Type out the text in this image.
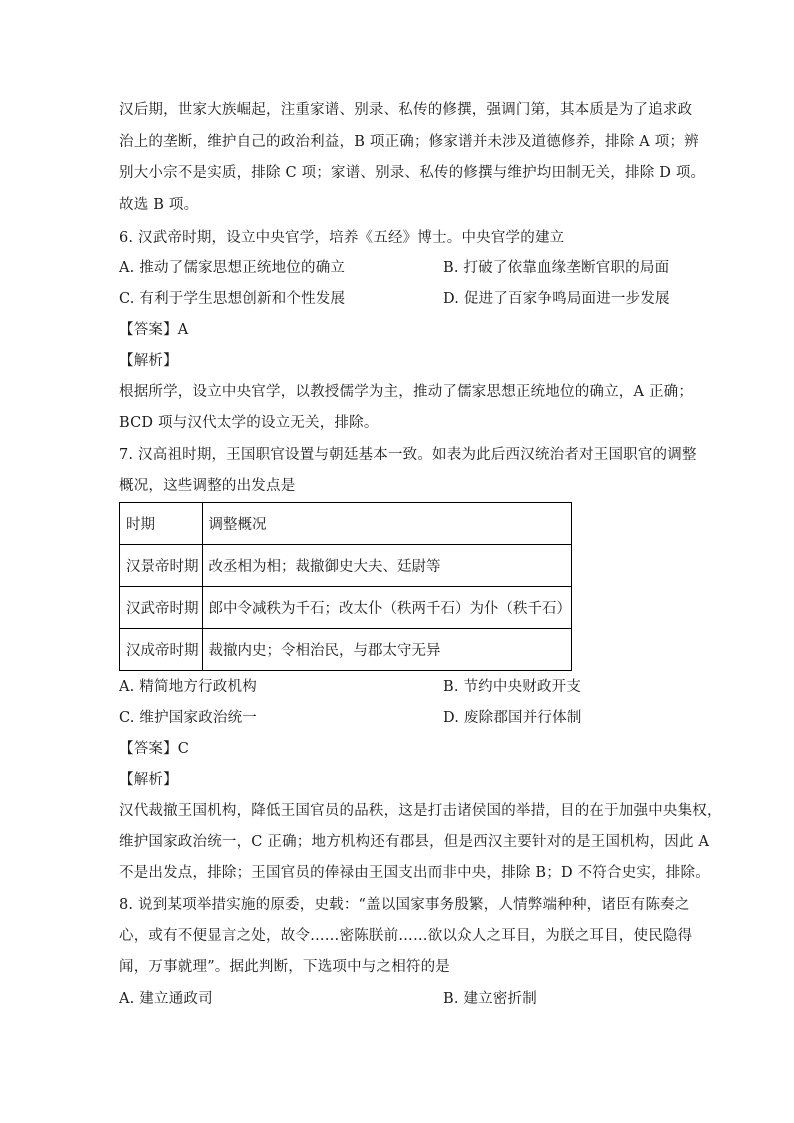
汉后期，世家大族崛起，注重家谱、别录、私传的修撰，强调门第，其本质是为了追求政
治上的垄断，维护自己的政治利益，B 项正确；修家谱并未涉及道德修养，排除 A 项；辨
别大小宗不是实质，排除 C 项；家谱、别录、私传的修撰与维护均田制无关，排除 D 项。
故选 B 项。
6. 汉武帝时期，设立中央官学，培养《五经》博士。中央官学的建立
A. 推动了儒家思想正统地位的确立	B. 打破了依靠血缘垄断官职的局面
C. 有利于学生思想创新和个性发展	D. 促进了百家争鸣局面进一步发展
【答案】A
【解析】
根据所学，设立中央官学，以教授儒学为主，推动了儒家思想正统地位的确立，A 正确；
BCD 项与汉代太学的设立无关，排除。
7. 汉高祖时期，王国职官设置与朝廷基本一致。如表为此后西汉统治者对王国职官的调整
概况，这些调整的出发点是
时期	调整概况
汉景帝时期	改丞相为相；裁撤御史大夫、廷尉等
汉武帝时期	郎中令减秩为千石；改太仆（秩两千石）为仆（秩千石）
汉成帝时期	裁撤内史；令相治民，与郡太守无异
A. 精简地方行政机构	B. 节约中央财政开支
C. 维护国家政治统一	D. 废除郡国并行体制
【答案】C
【解析】
汉代裁撤王国机构，降低王国官员的品秩，这是打击诸侯国的举措，目的在于加强中央集权，
维护国家政治统一，C 正确；地方机构还有郡县，但是西汉主要针对的是王国机构，因此 A
不是出发点，排除；王国官员的俸禄由王国支出而非中央，排除 B；D 不符合史实，排除。
8. 说到某项举措实施的原委，史载：“盖以国家事务殷繁，人情弊端种种，诸臣有陈奏之
心，或有不便显言之处，故令……密陈朕前……欲以众人之耳目，为朕之耳目，使民隐得
闻，万事就理”。据此判断，下选项中与之相符的是
A. 建立通政司	B. 建立密折制
